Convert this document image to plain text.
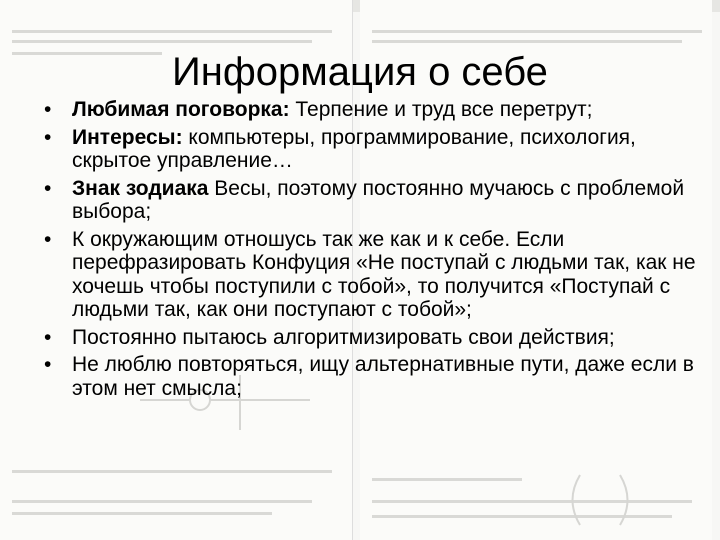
Информация о себе
• Любимая поговорка: Терпение и труд все перетрут;
• Интересы: компьютеры, программирование, психология, скрытое управление…
• Знак зодиака Весы, поэтому постоянно мучаюсь с проблемой выбора;
• К окружающим отношусь так же как и к себе. Если перефразировать Конфуция «Не поступай с людьми так, как не хочешь чтобы поступили с тобой», то получится «Поступай с людьми так, как они поступают с тобой»;
• Постоянно пытаюсь алгоритмизировать свои действия;
• Не люблю повторяться, ищу альтернативные пути, даже если в этом нет смысла;
